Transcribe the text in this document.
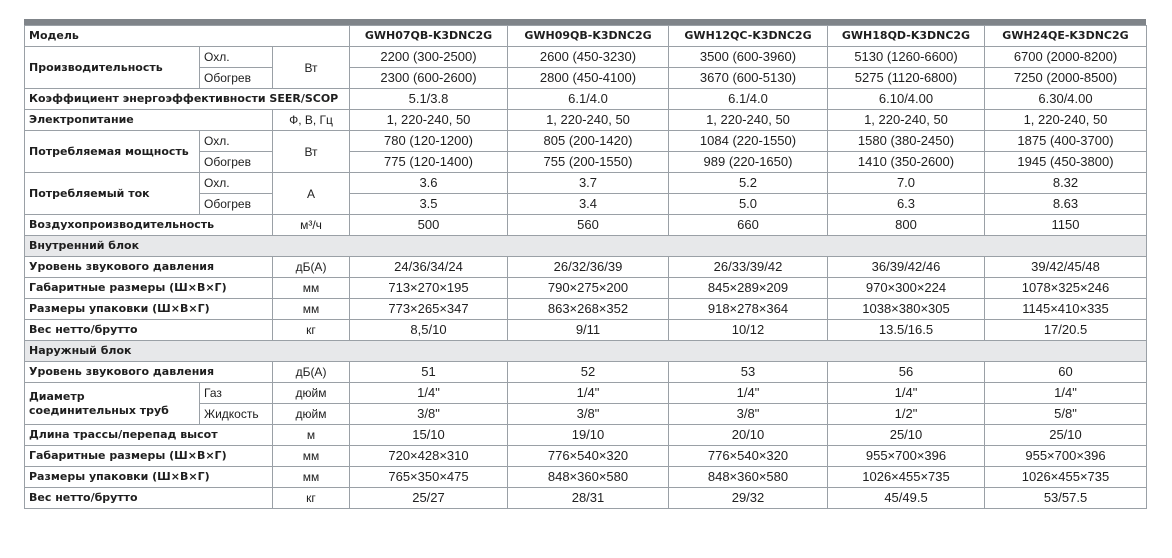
Модель			GWH07QB-K3DNC2G	GWH09QB-K3DNC2G	GWH12QC-K3DNC2G	GWH18QD-K3DNC2G	GWH24QE-K3DNC2G
Производительность	Охл.	Вт	2200 (300-2500)	2600 (450-3230)	3500 (600-3960)	5130 (1260-6600)	6700 (2000-8200)
	Обогрев		2300 (600-2600)	2800 (450-4100)	3670 (600-5130)	5275 (1120-6800)	7250 (2000-8500)
Коэффициент энергоэффективности SEER/SCOP			5.1/3.8	6.1/4.0	6.1/4.0	6.10/4.00	6.30/4.00
Электропитание		Ф, В, Гц	1, 220-240, 50	1, 220-240, 50	1, 220-240, 50	1, 220-240, 50	1, 220-240, 50
Потребляемая мощность	Охл.	Вт	780 (120-1200)	805 (200-1420)	1084 (220-1550)	1580 (380-2450)	1875 (400-3700)
	Обогрев		775 (120-1400)	755 (200-1550)	989 (220-1650)	1410 (350-2600)	1945 (450-3800)
Потребляемый ток	Охл.	А	3.6	3.7	5.2	7.0	8.32
	Обогрев		3.5	3.4	5.0	6.3	8.63
Воздухопроизводительность		м³/ч	500	560	660	800	1150
Внутренний блок							
Уровень звукового давления		дБ(А)	24/36/34/24	26/32/36/39	26/33/39/42	36/39/42/46	39/42/45/48
Габаритные размеры (Ш×В×Г)		мм	713×270×195	790×275×200	845×289×209	970×300×224	1078×325×246
Размеры упаковки (Ш×В×Г)		мм	773×265×347	863×268×352	918×278×364	1038×380×305	1145×410×335
Вес нетто/брутто		кг	8,5/10	9/11	10/12	13.5/16.5	17/20.5
Наружный блок							
Уровень звукового давления		дБ(А)	51	52	53	56	60

Диаметр
соединительных труб	Газ	дюйм	1/4"	1/4"	1/4"	1/4"	1/4"
	Жидкость	дюйм	3/8"	3/8"	3/8"	1/2"	5/8"
Длина трассы/перепад высот		м	15/10	19/10	20/10	25/10	25/10
Габаритные размеры (Ш×В×Г)		мм	720×428×310	776×540×320	776×540×320	955×700×396	955×700×396
Размеры упаковки (Ш×В×Г)		мм	765×350×475	848×360×580	848×360×580	1026×455×735	1026×455×735
Вес нетто/брутто		кг	25/27	28/31	29/32	45/49.5	53/57.5
